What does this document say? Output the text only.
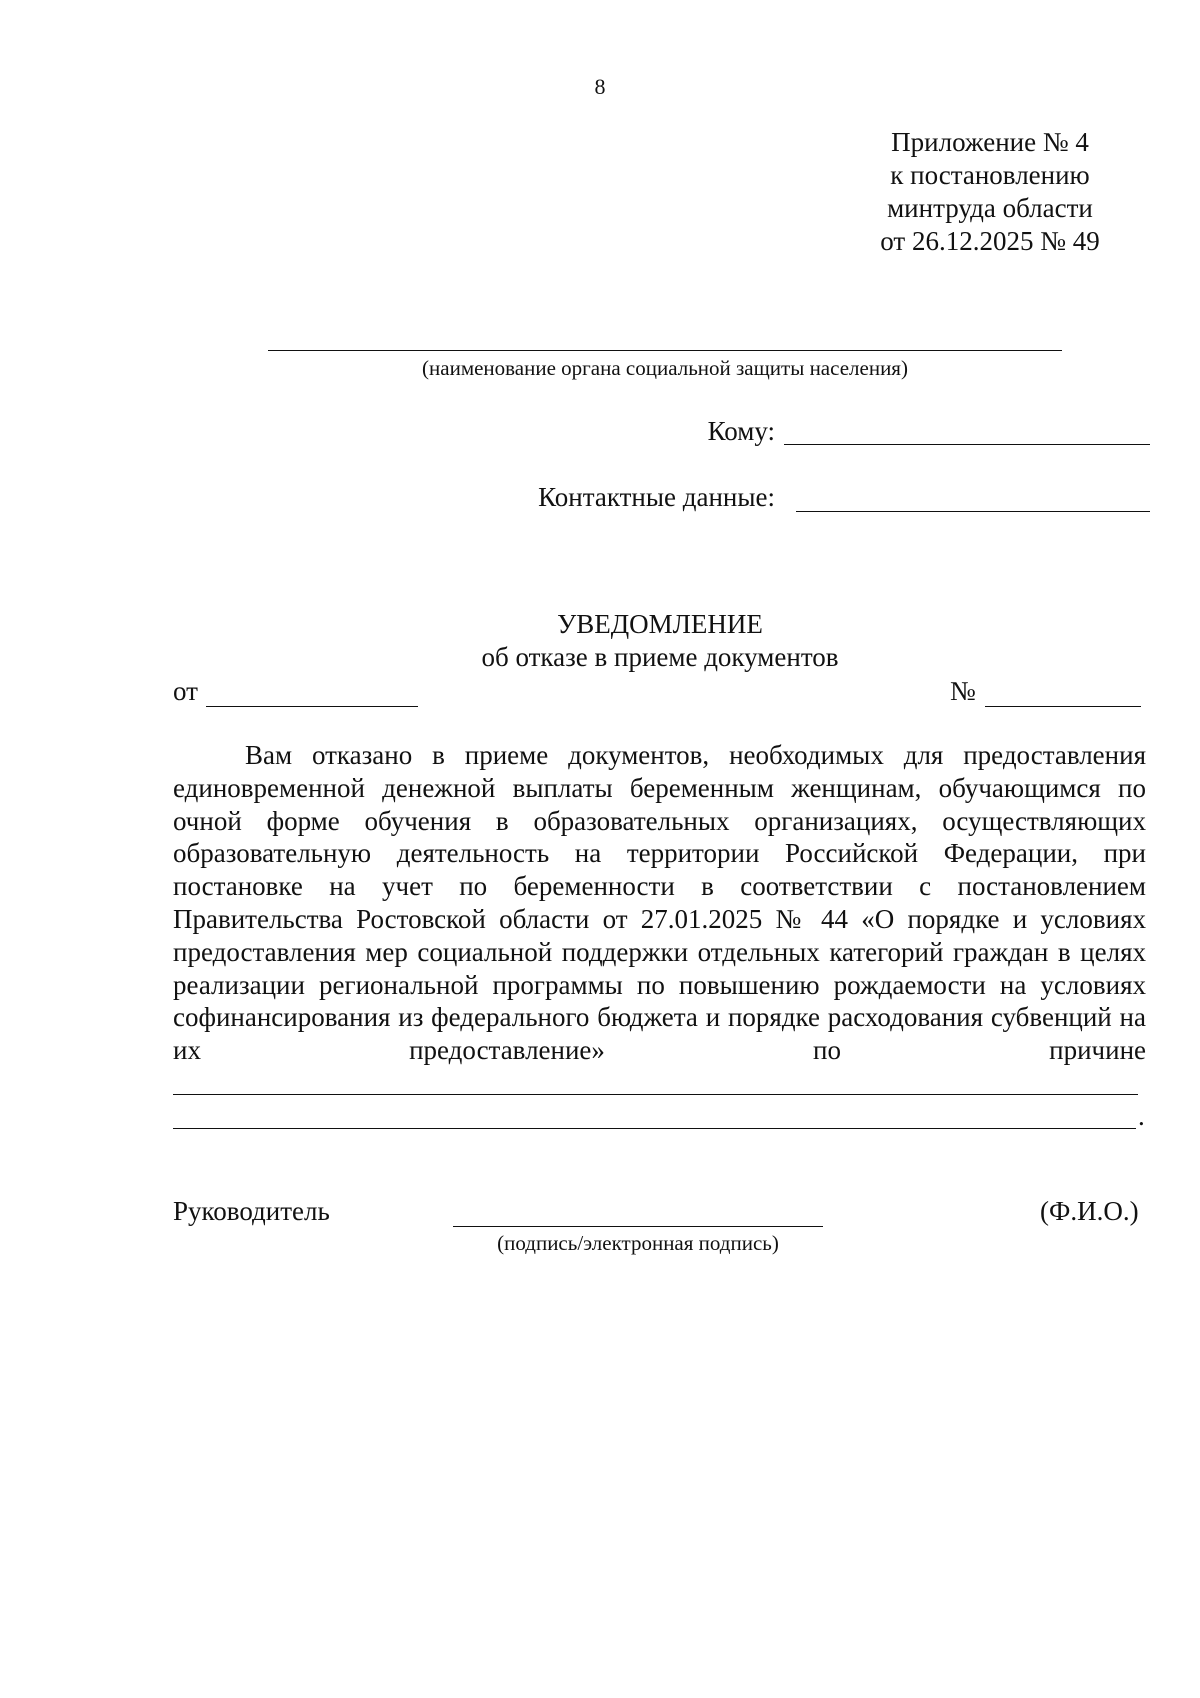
8
Приложение № 4
к постановлению
минтруда области
от 26.12.2025 № 49
(наименование органа социальной защиты населения)
Кому:
Контактные данные:
УВЕДОМЛЕНИЕ
об отказе в приеме документов
от	№

Вам отказано в приеме документов, необходимых для предоставления единовременной денежной выплаты беременным женщинам, обучающимся по очной форме обучения в образовательных организациях, осуществляющих образовательную деятельность на территории Российской Федерации, при постановке на учет по беременности в соответствии с постановлением Правительства Ростовской области от 27.01.2025 № 44 «О порядке и условиях предоставления мер социальной поддержки отдельных категорий граждан в целях реализации региональной программы по повышению рождаемости на условиях софинансирования из федерального бюджета и порядке расходования субвенций на их предоставление» по причине

.
Руководитель
(подпись/электронная подпись)
(Ф.И.О.)
